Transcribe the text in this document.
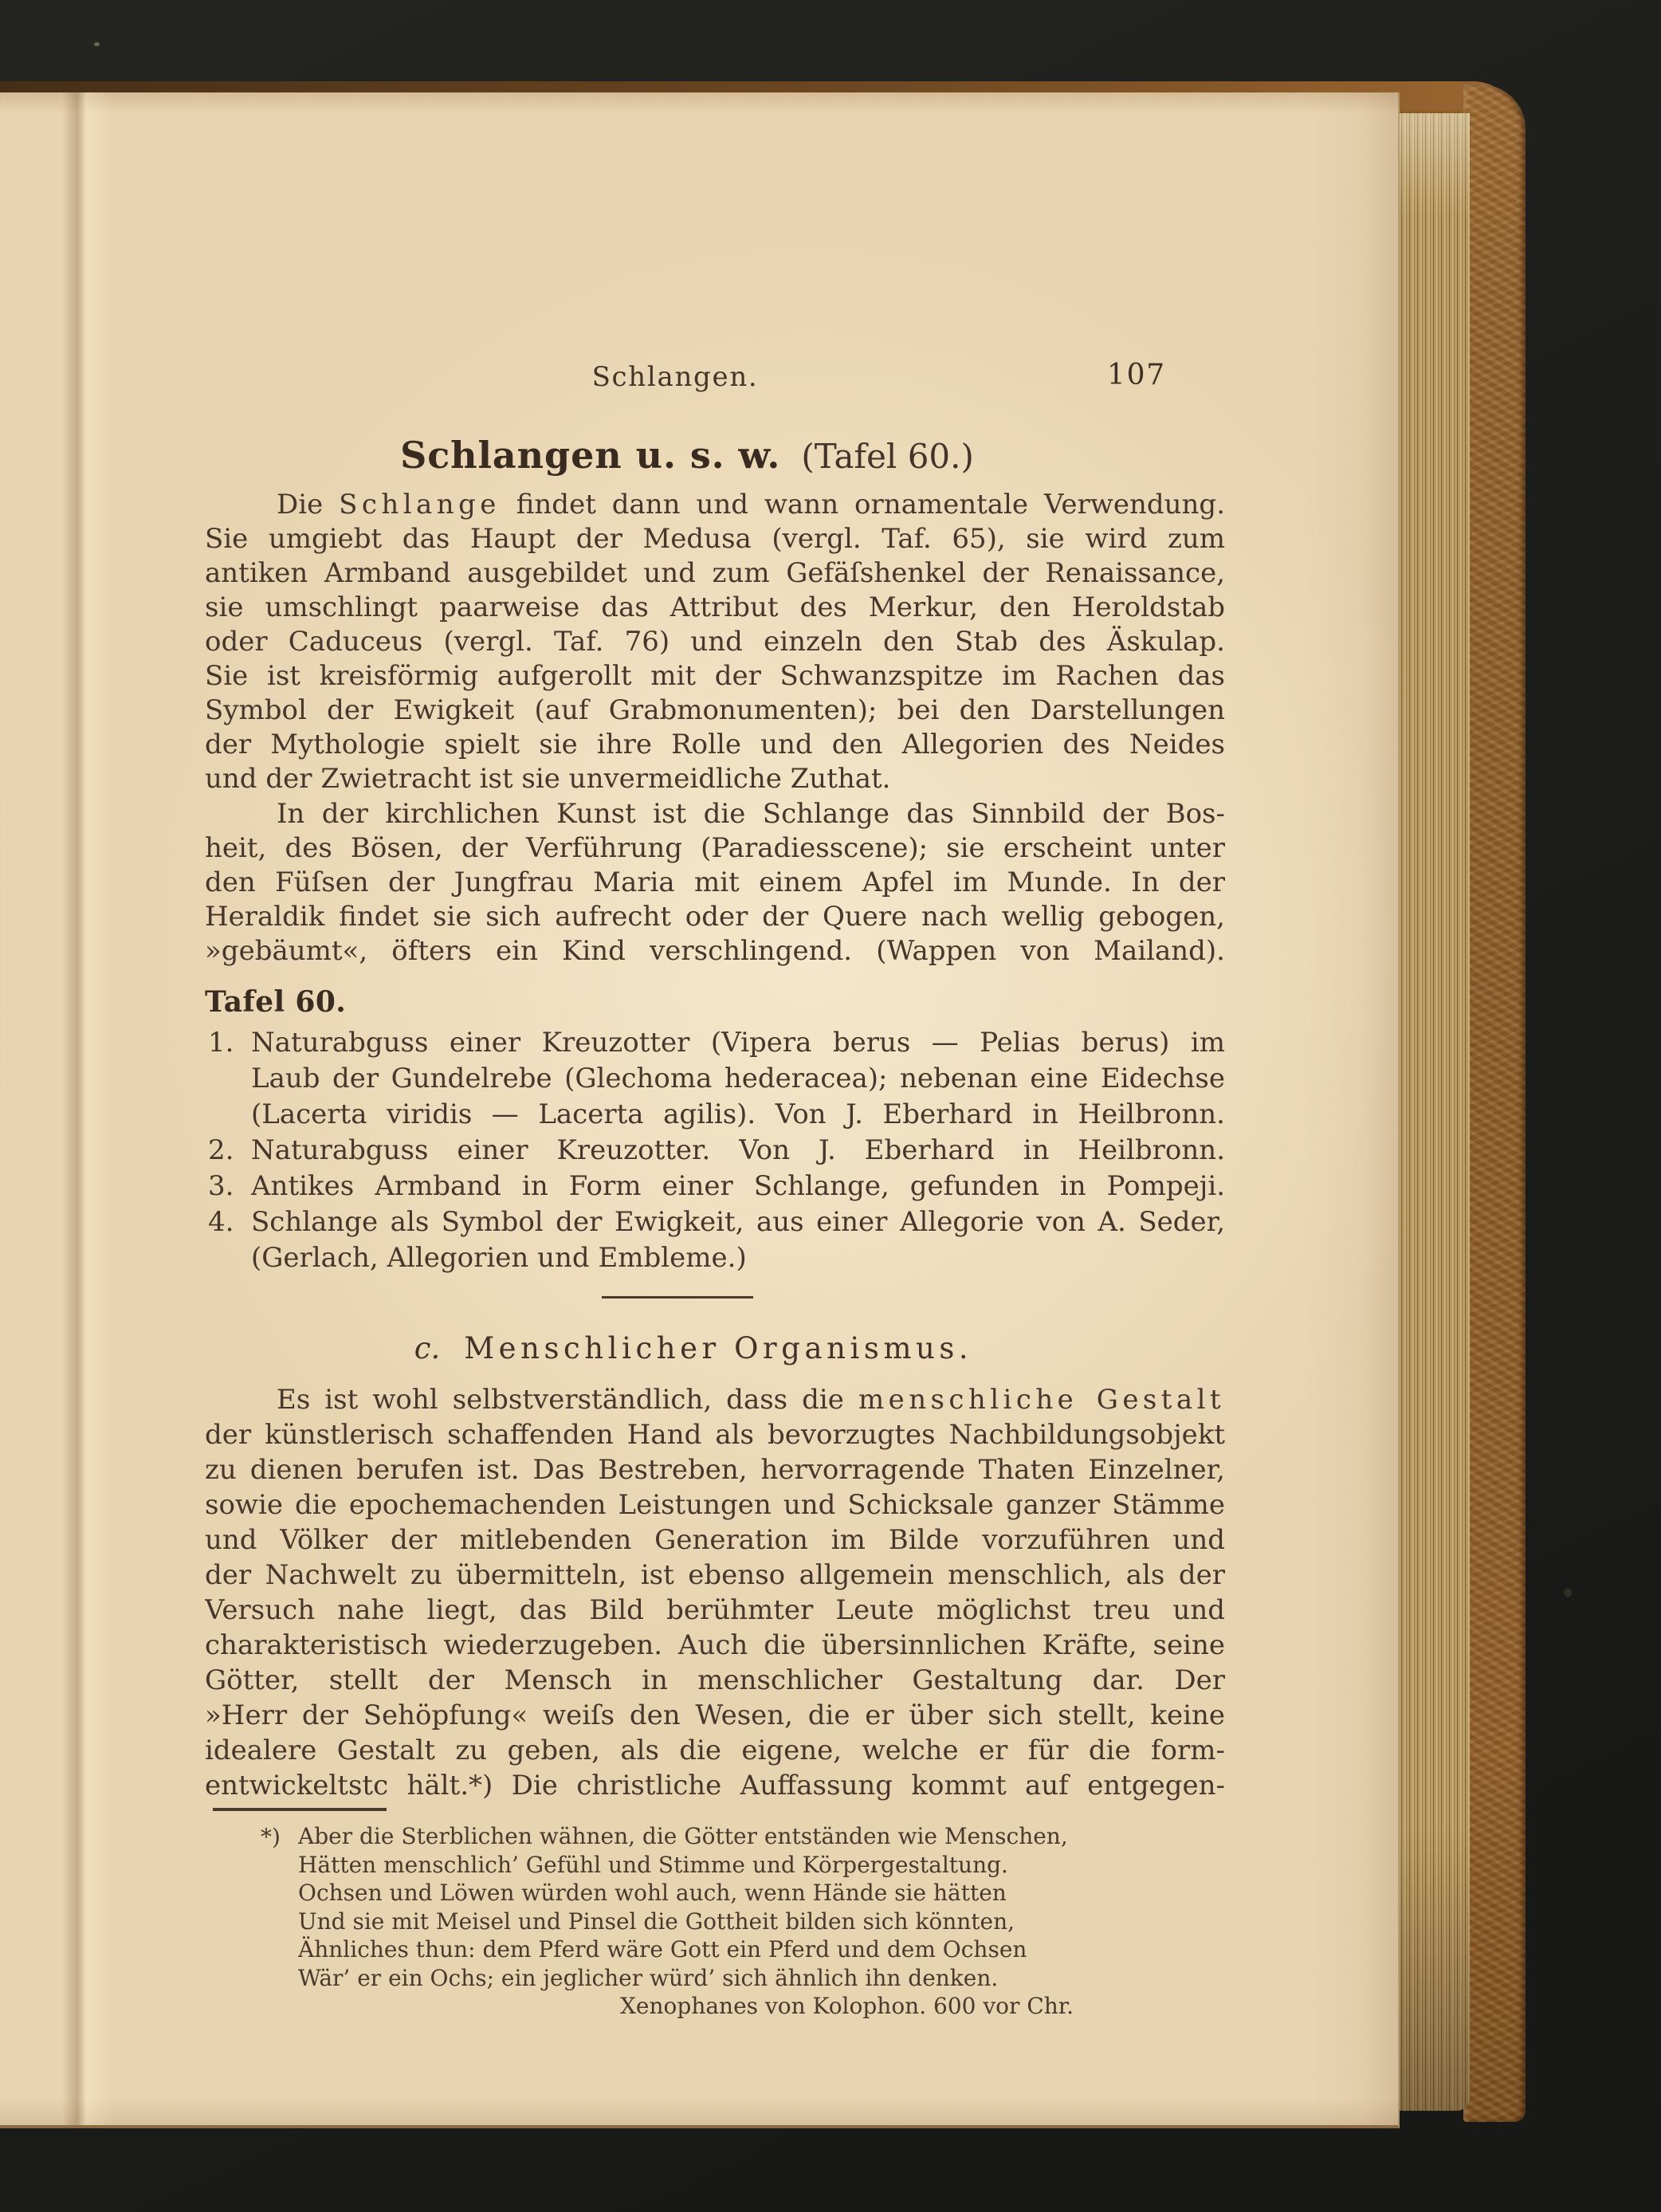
Schlangen.	107
Schlangen u. s. w. (Tafel 60.)
Die Schlange findet dann und wann ornamentale Verwendung.
Sie umgiebt das Haupt der Medusa (vergl. Taf. 65), sie wird zum
antiken Armband ausgebildet und zum Gefäſshenkel der Renaissance,
sie umschlingt paarweise das Attribut des Merkur, den Heroldstab
oder Caduceus (vergl. Taf. 76) und einzeln den Stab des Äskulap.
Sie ist kreisförmig aufgerollt mit der Schwanzspitze im Rachen das
Symbol der Ewigkeit (auf Grabmonumenten); bei den Darstellungen
der Mythologie spielt sie ihre Rolle und den Allegorien des Neides
und der Zwietracht ist sie unvermeidliche Zuthat.
In der kirchlichen Kunst ist die Schlange das Sinnbild der Bos-
heit, des Bösen, der Verführung (Paradiesscene); sie erscheint unter
den Füſsen der Jungfrau Maria mit einem Apfel im Munde. In der
Heraldik findet sie sich aufrecht oder der Quere nach wellig gebogen,
»gebäumt«, öfters ein Kind verschlingend. (Wappen von Mailand).
Tafel 60.
1. Naturabguss einer Kreuzotter (Vipera berus — Pelias berus) im
Laub der Gundelrebe (Glechoma hederacea); nebenan eine Eidechse
(Lacerta viridis — Lacerta agilis). Von J. Eberhard in Heilbronn.
2. Naturabguss einer Kreuzotter. Von J. Eberhard in Heilbronn.
3. Antikes Armband in Form einer Schlange, gefunden in Pompeji.
4. Schlange als Symbol der Ewigkeit, aus einer Allegorie von A. Seder,
(Gerlach, Allegorien und Embleme.)
c. Menschlicher Organismus.
Es ist wohl selbstverständlich, dass die menschliche Gestalt
der künstlerisch schaffenden Hand als bevorzugtes Nachbildungsobjekt
zu dienen berufen ist. Das Bestreben, hervorragende Thaten Einzelner,
sowie die epochemachenden Leistungen und Schicksale ganzer Stämme
und Völker der mitlebenden Generation im Bilde vorzuführen und
der Nachwelt zu übermitteln, ist ebenso allgemein menschlich, als der
Versuch nahe liegt, das Bild berühmter Leute möglichst treu und
charakteristisch wiederzugeben. Auch die übersinnlichen Kräfte, seine
Götter, stellt der Mensch in menschlicher Gestaltung dar. Der
»Herr der Sehöpfung« weiſs den Wesen, die er über sich stellt, keine
idealere Gestalt zu geben, als die eigene, welche er für die form-
entwickeltstc hält.*) Die christliche Auffassung kommt auf entgegen-
*) Aber die Sterblichen wähnen, die Götter entständen wie Menschen,
Hätten menschlich’ Gefühl und Stimme und Körpergestaltung.
Ochsen und Löwen würden wohl auch, wenn Hände sie hätten
Und sie mit Meisel und Pinsel die Gottheit bilden sich könnten,
Ähnliches thun: dem Pferd wäre Gott ein Pferd und dem Ochsen
Wär’ er ein Ochs; ein jeglicher würd’ sich ähnlich ihn denken.
Xenophanes von Kolophon. 600 vor Chr.
